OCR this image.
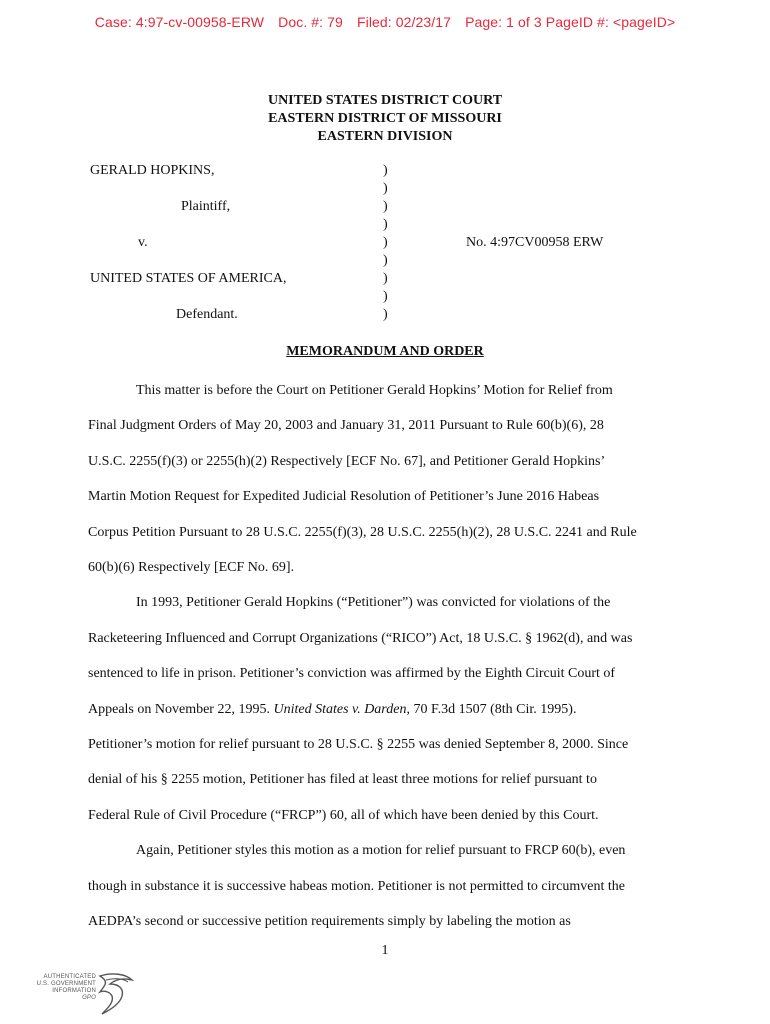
Case: 4:97-cv-00958-ERW Doc. #: 79 Filed: 02/23/17 Page: 1 of 3 PageID #: <pageID>
UNITED STATES DISTRICT COURT
EASTERN DISTRICT OF MISSOURI
EASTERN DIVISION
GERALD HOPKINS,	)
)
Plaintiff,	)
)
v.	)	No. 4:97CV00958 ERW
)
UNITED STATES OF AMERICA,	)
)
Defendant.	)
MEMORANDUM AND ORDER

This matter is before the Court on Petitioner Gerald Hopkins’ Motion for Relief from
Final Judgment Orders of May 20, 2003 and January 31, 2011 Pursuant to Rule 60(b)(6), 28
U.S.C. 2255(f)(3) or 2255(h)(2) Respectively [ECF No. 67], and Petitioner Gerald Hopkins’
Martin Motion Request for Expedited Judicial Resolution of Petitioner’s June 2016 Habeas
Corpus Petition Pursuant to 28 U.S.C. 2255(f)(3), 28 U.S.C. 2255(h)(2), 28 U.S.C. 2241 and Rule
60(b)(6) Respectively [ECF No. 69].

In 1993, Petitioner Gerald Hopkins (“Petitioner”) was convicted for violations of the
Racketeering Influenced and Corrupt Organizations (“RICO”) Act, 18 U.S.C. § 1962(d), and was
sentenced to life in prison. Petitioner’s conviction was affirmed by the Eighth Circuit Court of
Appeals on November 22, 1995. United States v. Darden, 70 F.3d 1507 (8th Cir. 1995).
Petitioner’s motion for relief pursuant to 28 U.S.C. § 2255 was denied September 8, 2000. Since
denial of his § 2255 motion, Petitioner has filed at least three motions for relief pursuant to
Federal Rule of Civil Procedure (“FRCP”) 60, all of which have been denied by this Court.

Again, Petitioner styles this motion as a motion for relief pursuant to FRCP 60(b), even
though in substance it is successive habeas motion. Petitioner is not permitted to circumvent the
AEDPA’s second or successive petition requirements simply by labeling the motion as

1
AUTHENTICATED
U.S. GOVERNMENT
INFORMATION
GPO
